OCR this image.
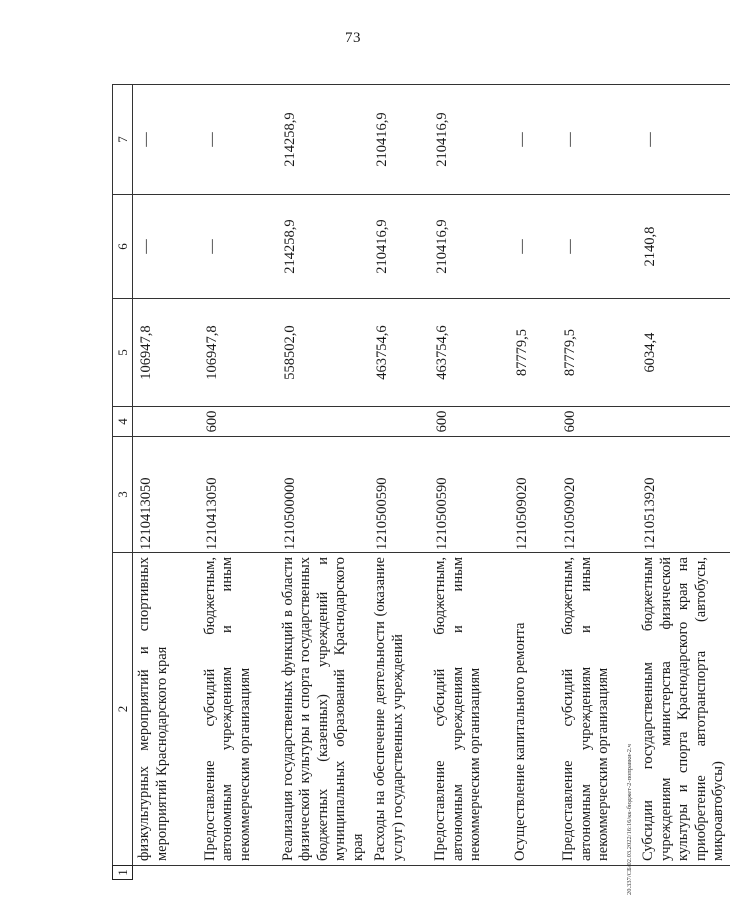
73
1	2	3	4	5	6	7
	физкультурных мероприятий и спортивных мероприятий Краснодарского края	1210413050		106947,8	—	—
	Предоставление субсидий бюджетным, автономным учреждениям и иным некоммерческим организациям	1210413050	600	106947,8	—	—
	Реализация государственных функций в области физической культуры и спорта государственных бюджетных (казенных) учреждений и муниципальных образований Краснодарского края	1210500000		558502,0	214258,9	214258,9
	Расходы на обеспечение деятельности (оказание услуг) государственных учреждений	1210500590		463754,6	210416,9	210416,9
	Предоставление субсидий бюджетным, автономным учреждениям и иным некоммерческим организациям	1210500590	600	463754,6	210416,9	210416,9
	Осуществление капитального ремонта	1210509020		87779,5	—	—
	Предоставление субсидий бюджетным, автономным учреждениям и иным некоммерческим организациям	1210509020	600	87779,5	—	—
	Субсидии государственным бюджетным учреждениям министерства физической культуры и спорта Краснодарского края на приобретение автотранспорта (автобусы, микроавтобусы)	1210513920		6034,4	2140,8	—
20.337/СБ/02.03.2022/16:16/кк-бюджет-2-поправки-2.ч
